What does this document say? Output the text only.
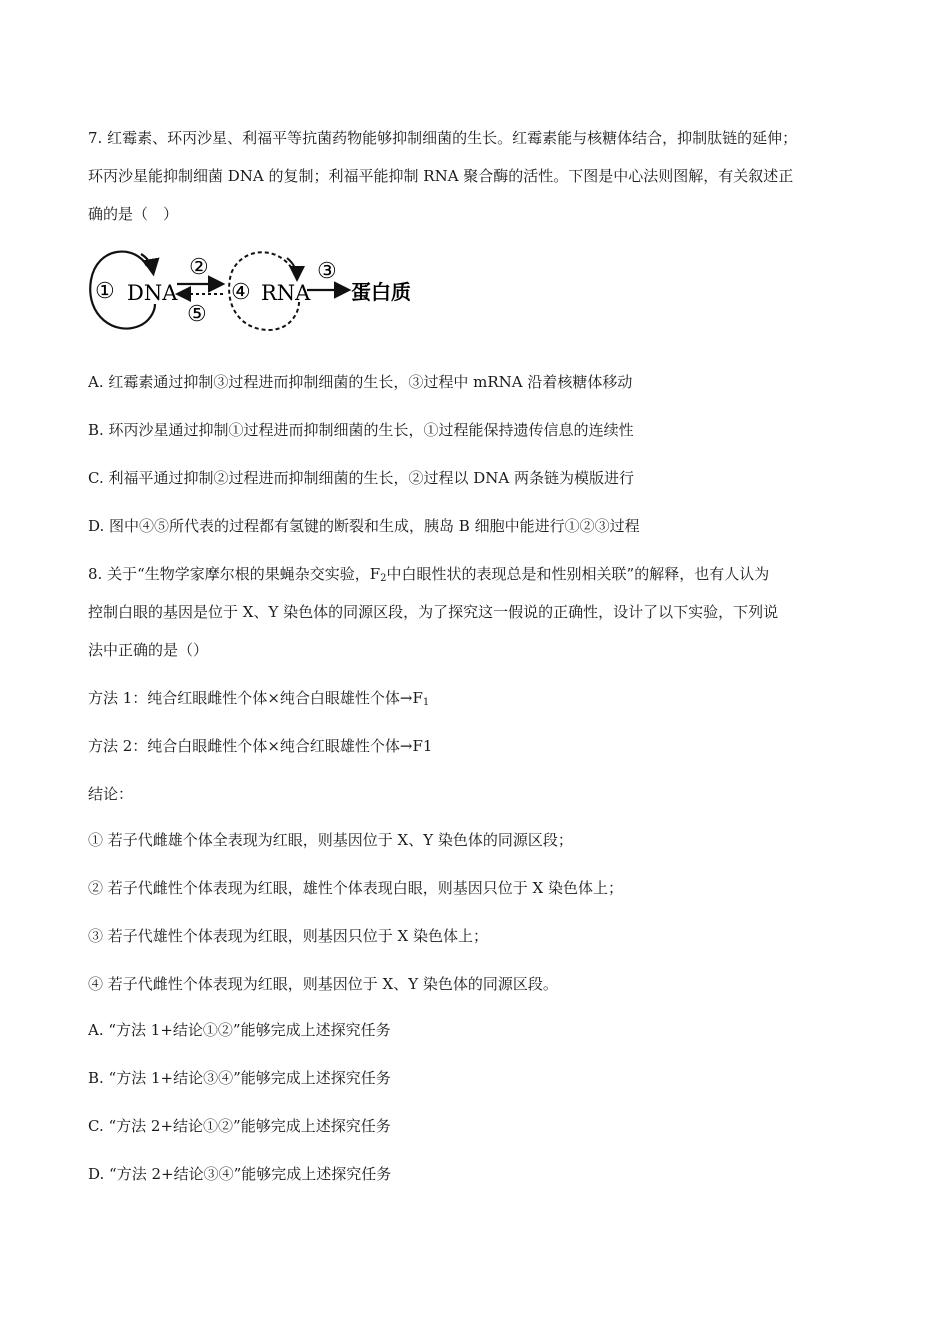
7. 红霉素、环丙沙星、利福平等抗菌药物能够抑制细菌的生长。红霉素能与核糖体结合，抑制肽链的延伸；
环丙沙星能抑制细菌 DNA 的复制；利福平能抑制 RNA 聚合酶的活性。下图是中心法则图解，有关叙述正
确的是（　）
① DNA
②
⑤
④ RNA
③
蛋白质
A. 红霉素通过抑制③过程进而抑制细菌的生长，③过程中 mRNA 沿着核糖体移动
B. 环丙沙星通过抑制①过程进而抑制细菌的生长，①过程能保持遗传信息的连续性
C. 利福平通过抑制②过程进而抑制细菌的生长，②过程以 DNA 两条链为模版进行
D. 图中④⑤所代表的过程都有氢键的断裂和生成，胰岛 B 细胞中能进行①②③过程
8. 关于“生物学家摩尔根的果蝇杂交实验，$F_2$中白眼性状的表现总是和性别相关联”的解释，也有人认为
控制白眼的基因是位于 X、Y 染色体的同源区段，为了探究这一假说的正确性，设计了以下实验，下列说
法中正确的是（）
方法 1：纯合红眼雌性个体×纯合白眼雄性个体$\to F_1$
方法 2：纯合白眼雌性个体×纯合红眼雄性个体→F1
结论：
① 若子代雌雄个体全表现为红眼，则基因位于 X、Y 染色体的同源区段；
② 若子代雌性个体表现为红眼，雄性个体表现白眼，则基因只位于 X 染色体上；
③ 若子代雄性个体表现为红眼，则基因只位于 X 染色体上；
④ 若子代雌性个体表现为红眼，则基因位于 X、Y 染色体的同源区段。
A. “方法 1+结论①②”能够完成上述探究任务
B. “方法 1+结论③④”能够完成上述探究任务
C. “方法 2+结论①②”能够完成上述探究任务
D. “方法 2+结论③④”能够完成上述探究任务
